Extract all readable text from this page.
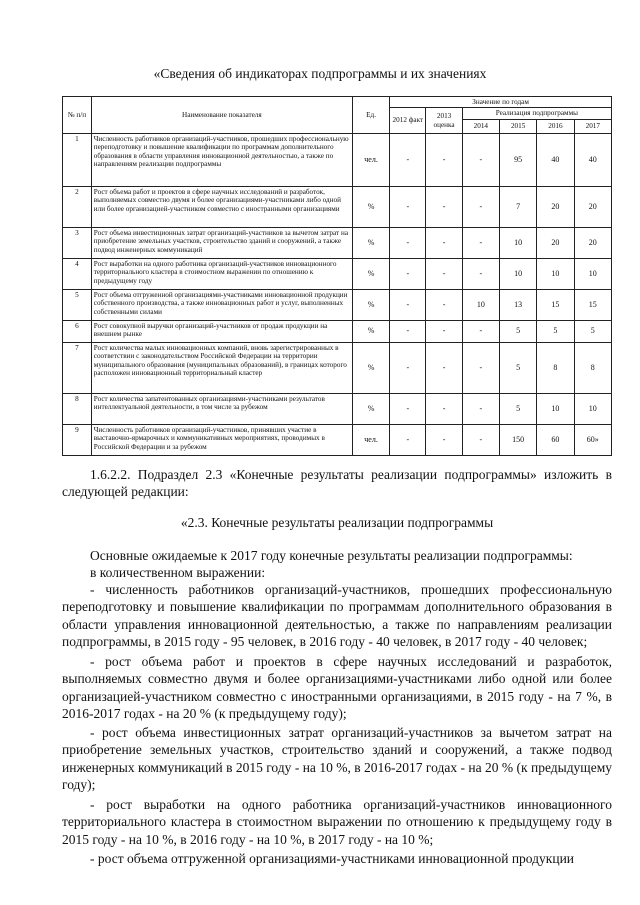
«Сведения об индикаторах подпрограммы и их значениях
№ п/п	Наименование показателя	Ед.	Значение по годам					
			2012 факт	2013 оценка	Реализация подпрограммы			
					2014	2015	2016	2017
1	Численность работников организаций-участников, прошедших профессиональную переподготовку и повышение квалификации по программам дополнительного образования в области управления инновационной деятельностью, а также по направлениям реализации подпрограммы	чел.	-	-	-	95	40	40
2	Рост объема работ и проектов в сфере научных исследований и разработок, выполняемых совместно двумя и более организациями-участниками либо одной или более организацией-участником совместно с иностранными организациями	%	-	-	-	7	20	20
3	Рост объема инвестиционных затрат организаций-участников за вычетом затрат на приобретение земельных участков, строительство зданий и сооружений, а также подвод инженерных коммуникаций	%	-	-	-	10	20	20
4	Рост выработки на одного работника организаций-участников инновационного территориального кластера в стоимостном выражении по отношению к предыдущему году	%	-	-	-	10	10	10
5	Рост объема отгруженной организациями-участниками инновационной продукции собственного производства, а также инновационных работ и услуг, выполненных собственными силами	%	-	-	10	13	15	15
6	Рост совокупной выручки организаций-участников от продаж продукции на внешнем рынке	%	-	-	-	5	5	5
7	Рост количества малых инновационных компаний, вновь зарегистрированных в соответствии с законодательством Российской Федерации на территории муниципального образования (муниципальных образований), в границах которого расположен инновационный территориальный кластер	%	-	-	-	5	8	8
8	Рост количества запатентованных организациями-участниками результатов интеллектуальной деятельности, в том числе за рубежом	%	-	-	-	5	10	10
9	Численность работников организаций-участников, принявших участие в выставочно-ярмарочных и коммуникативных мероприятиях, проводимых в Российской Федерации и за рубежом	чел.	-	-	-	150	60	60»

1.6.2.2. Подраздел 2.3 «Конечные результаты реализации подпрограммы» изложить в следующей редакции:

«2.3. Конечные результаты реализации подпрограммы

Основные ожидаемые к 2017 году конечные результаты реализации подпрограммы:

в количественном выражении:

- численность работников организаций-участников, прошедших профессиональную переподготовку и повышение квалификации по программам дополнительного образования в области управления инновационной деятельностью, а также по направлениям реализации подпрограммы, в 2015 году - 95 человек, в 2016 году - 40 человек, в 2017 году - 40 человек;

- рост объема работ и проектов в сфере научных исследований и разработок, выполняемых совместно двумя и более организациями-участниками либо одной или более организацией-участником совместно с иностранными организациями, в 2015 году - на 7 %, в 2016-2017 годах - на 20 % (к предыдущему году);

- рост объема инвестиционных затрат организаций-участников за вычетом затрат на приобретение земельных участков, строительство зданий и сооружений, а также подвод инженерных коммуникаций в 2015 году - на 10 %, в 2016-2017 годах - на 20 % (к предыдущему году);

- рост выработки на одного работника организаций-участников инновационного территориального кластера в стоимостном выражении по отношению к предыдущему году в 2015 году - на 10 %, в 2016 году - на 10 %, в 2017 году - на 10 %;

- рост объема отгруженной организациями-участниками инновационной продукции
